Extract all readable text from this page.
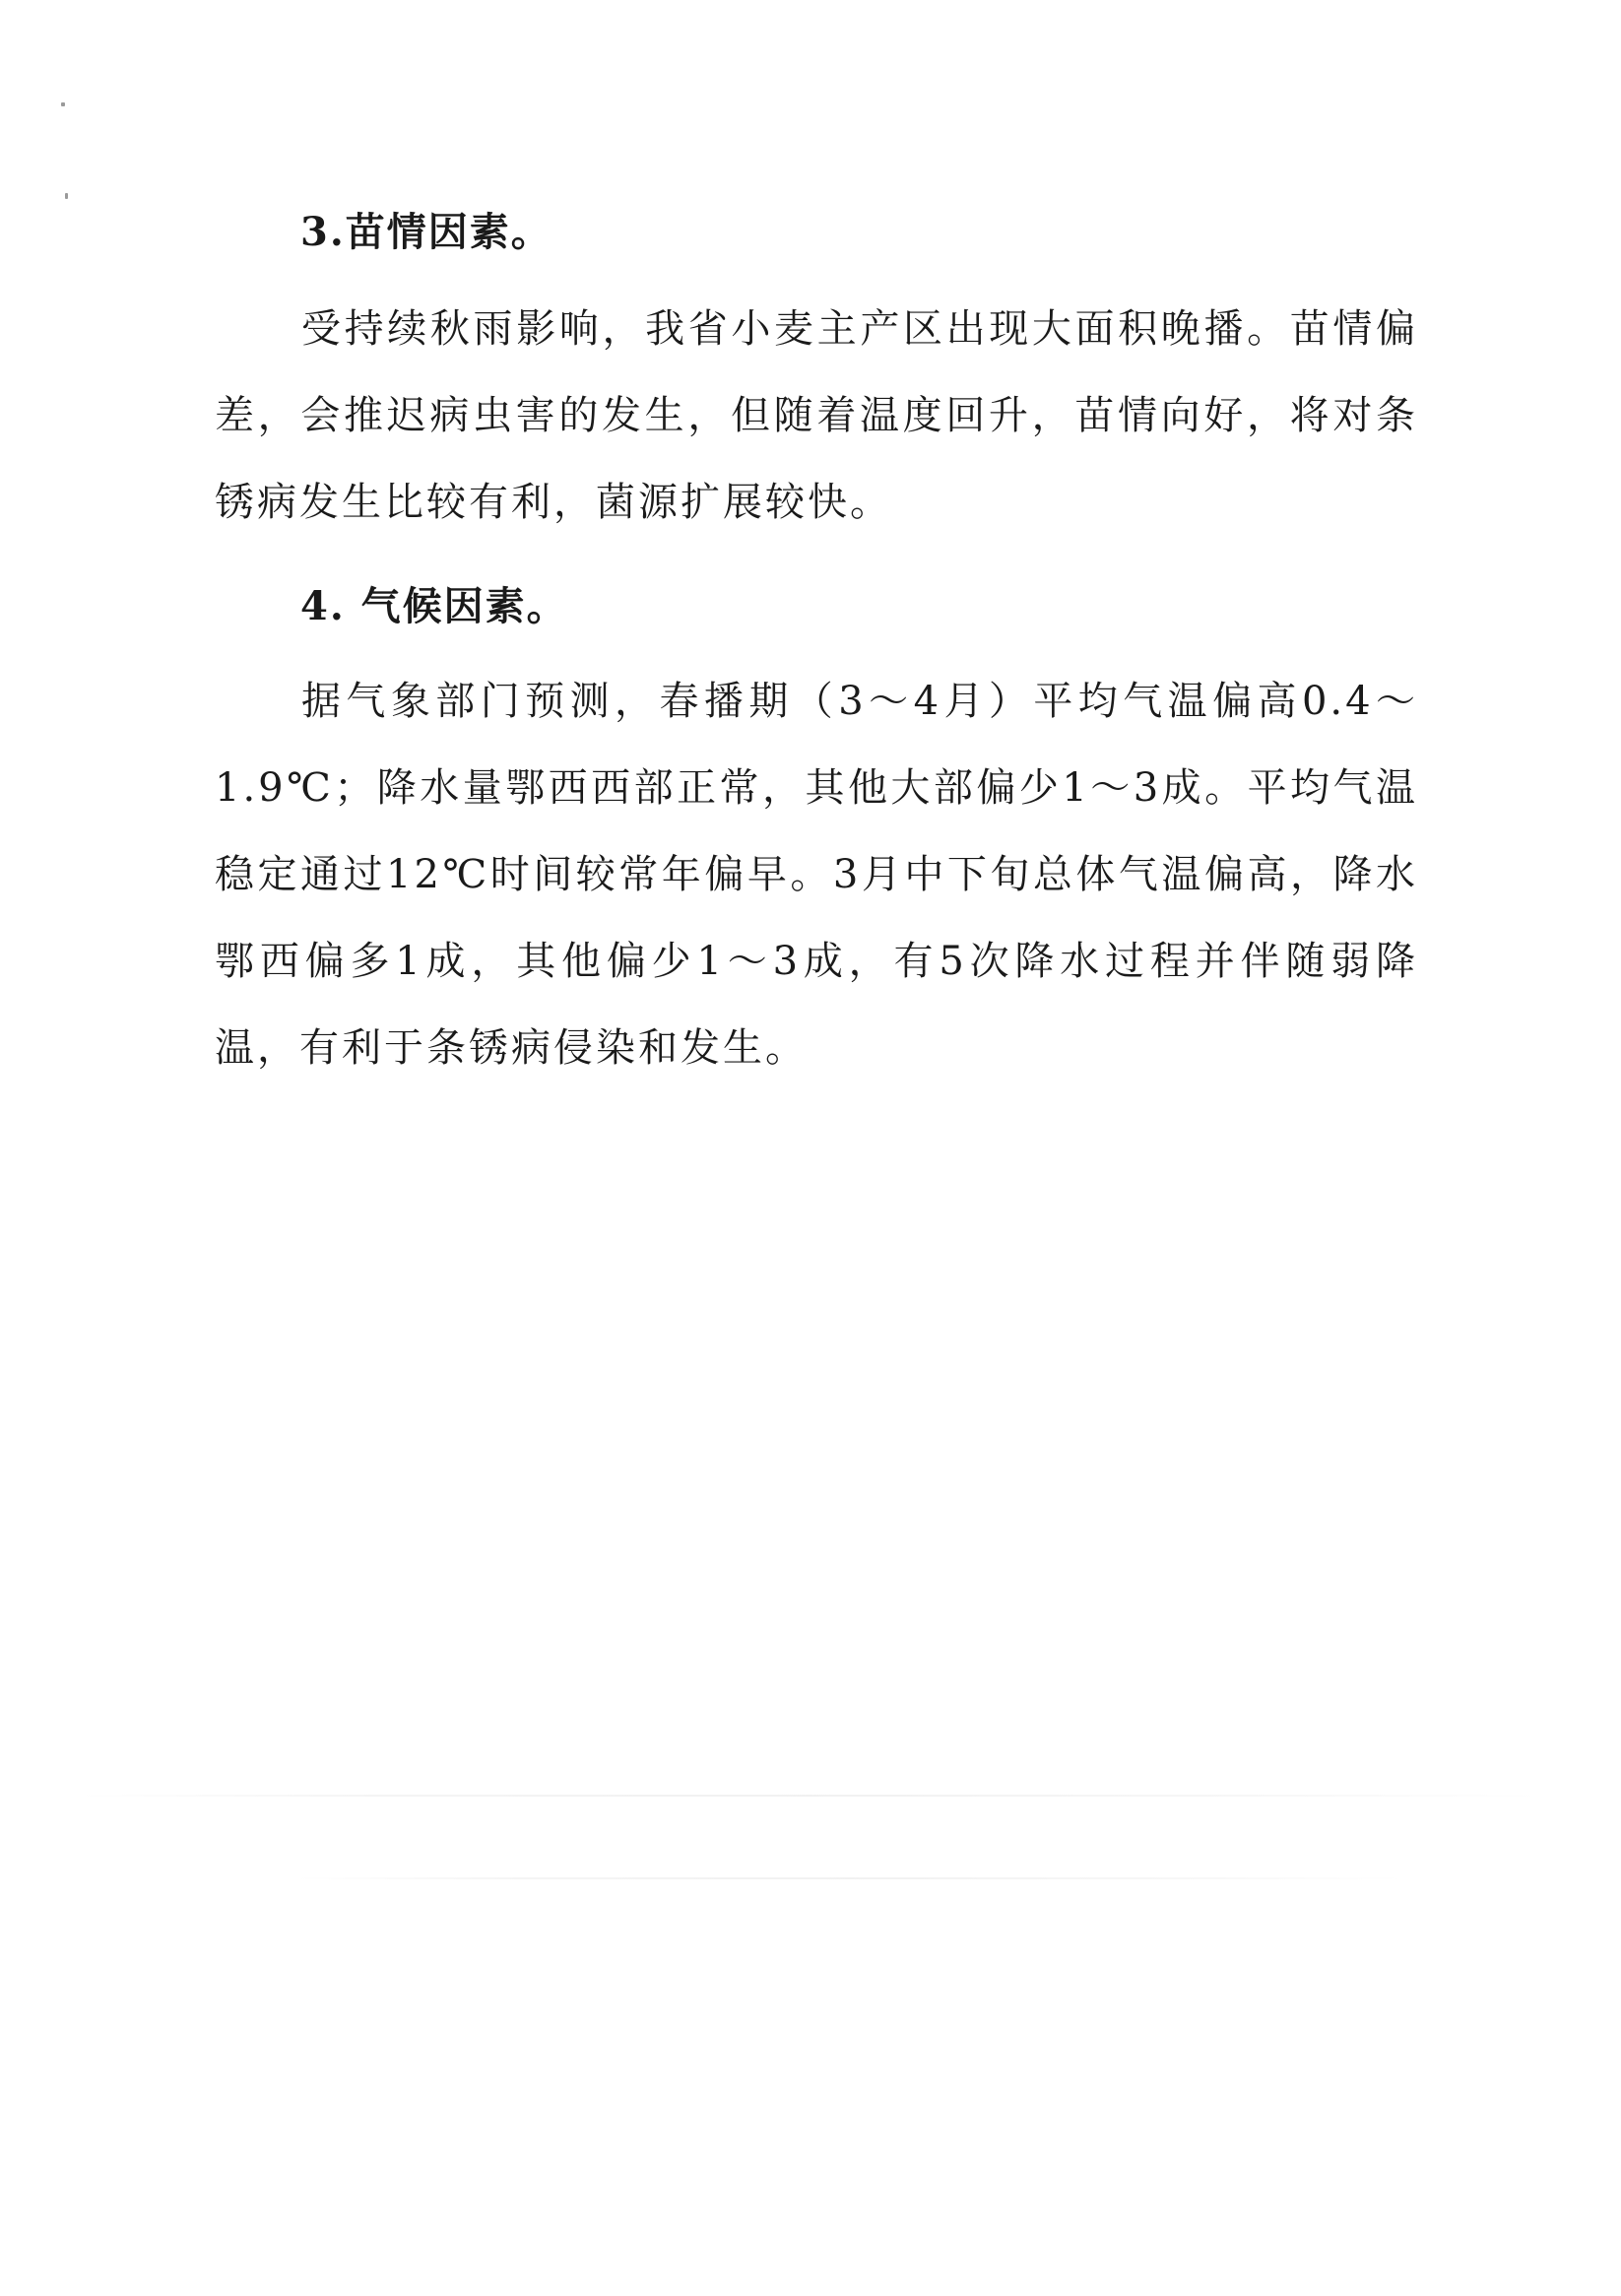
3.苗情因素。

受持续秋雨影响，我省小麦主产区出现大面积晚播。苗情偏差，会推迟病虫害的发生，但随着温度回升，苗情向好，将对条锈病发生比较有利，菌源扩展较快。

4. 气候因素。

据气象部门预测，春播期（3～4月）平均气温偏高0.4～1.9℃；降水量鄂西西部正常，其他大部偏少1～3成。平均气温稳定通过12℃时间较常年偏早。3月中下旬总体气温偏高，降水鄂西偏多1成，其他偏少1～3成，有5次降水过程并伴随弱降温，有利于条锈病侵染和发生。
